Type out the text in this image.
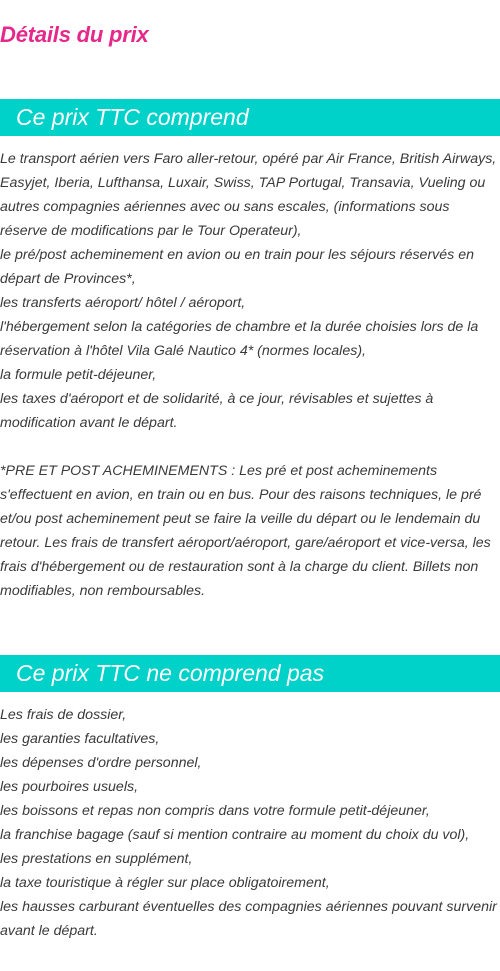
Détails du prix
Ce prix TTC comprend
Le transport aérien vers Faro aller-retour, opéré par Air France, British Airways, Easyjet, Iberia, Lufthansa, Luxair, Swiss, TAP Portugal, Transavia, Vueling ou autres compagnies aériennes avec ou sans escales, (informations sous réserve de modifications par le Tour Operateur),
le pré/post acheminement en avion ou en train pour les séjours réservés en départ de Provinces*,
les transferts aéroport/ hôtel / aéroport,
l'hébergement selon la catégories de chambre et la durée choisies lors de la réservation à l'hôtel Vila Galé Nautico 4* (normes locales),
la formule petit-déjeuner,
les taxes d'aéroport et de solidarité, à ce jour, révisables et sujettes à modification avant le départ.
*PRE ET POST ACHEMINEMENTS : Les pré et post acheminements s'effectuent en avion, en train ou en bus. Pour des raisons techniques, le pré et/ou post acheminement peut se faire la veille du départ ou le lendemain du retour. Les frais de transfert aéroport/aéroport, gare/aéroport et vice-versa, les frais d'hébergement ou de restauration sont à la charge du client. Billets non modifiables, non remboursables.
Ce prix TTC ne comprend pas
Les frais de dossier,
les garanties facultatives,
les dépenses d'ordre personnel,
les pourboires usuels,
les boissons et repas non compris dans votre formule petit-déjeuner,
la franchise bagage (sauf si mention contraire au moment du choix du vol),
les prestations en supplément,
la taxe touristique à régler sur place obligatoirement,
les hausses carburant éventuelles des compagnies aériennes pouvant survenir avant le départ.
